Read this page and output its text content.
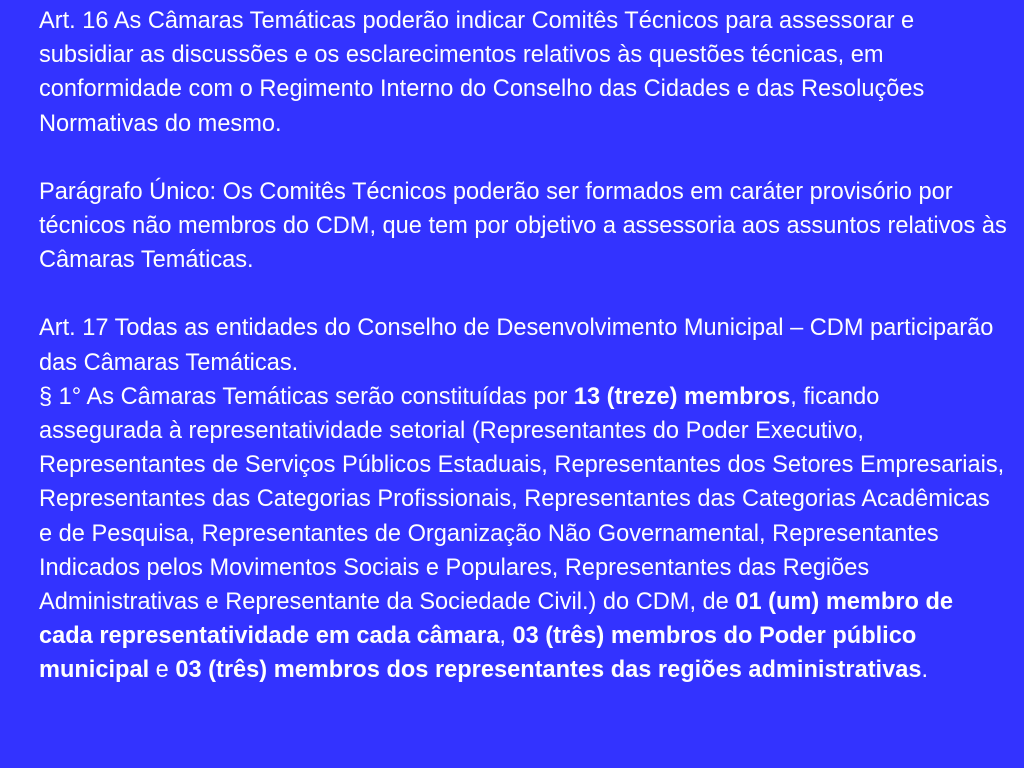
Art. 16 As Câmaras Temáticas poderão indicar Comitês Técnicos para assessorar e subsidiar as discussões e os esclarecimentos relativos às questões técnicas, em conformidade com o Regimento Interno do Conselho das Cidades e das Resoluções Normativas do mesmo.

Parágrafo Único: Os Comitês Técnicos poderão ser formados em caráter provisório por técnicos não membros do CDM, que tem por objetivo a assessoria aos assuntos relativos às Câmaras Temáticas.

Art. 17 Todas as entidades do Conselho de Desenvolvimento Municipal – CDM participarão das Câmaras Temáticas.

§ 1° As Câmaras Temáticas serão constituídas por 13 (treze) membros, ficando assegurada à representatividade setorial (Representantes do Poder Executivo, Representantes de Serviços Públicos Estaduais, Representantes dos Setores Empresariais, Representantes das Categorias Profissionais, Representantes das Categorias Acadêmicas e de Pesquisa, Representantes de Organização Não Governamental, Representantes Indicados pelos Movimentos Sociais e Populares, Representantes das Regiões Administrativas e Representante da Sociedade Civil.) do CDM, de 01 (um) membro de cada representatividade em cada câmara, 03 (três) membros do Poder público municipal e 03 (três) membros dos representantes das regiões administrativas.
